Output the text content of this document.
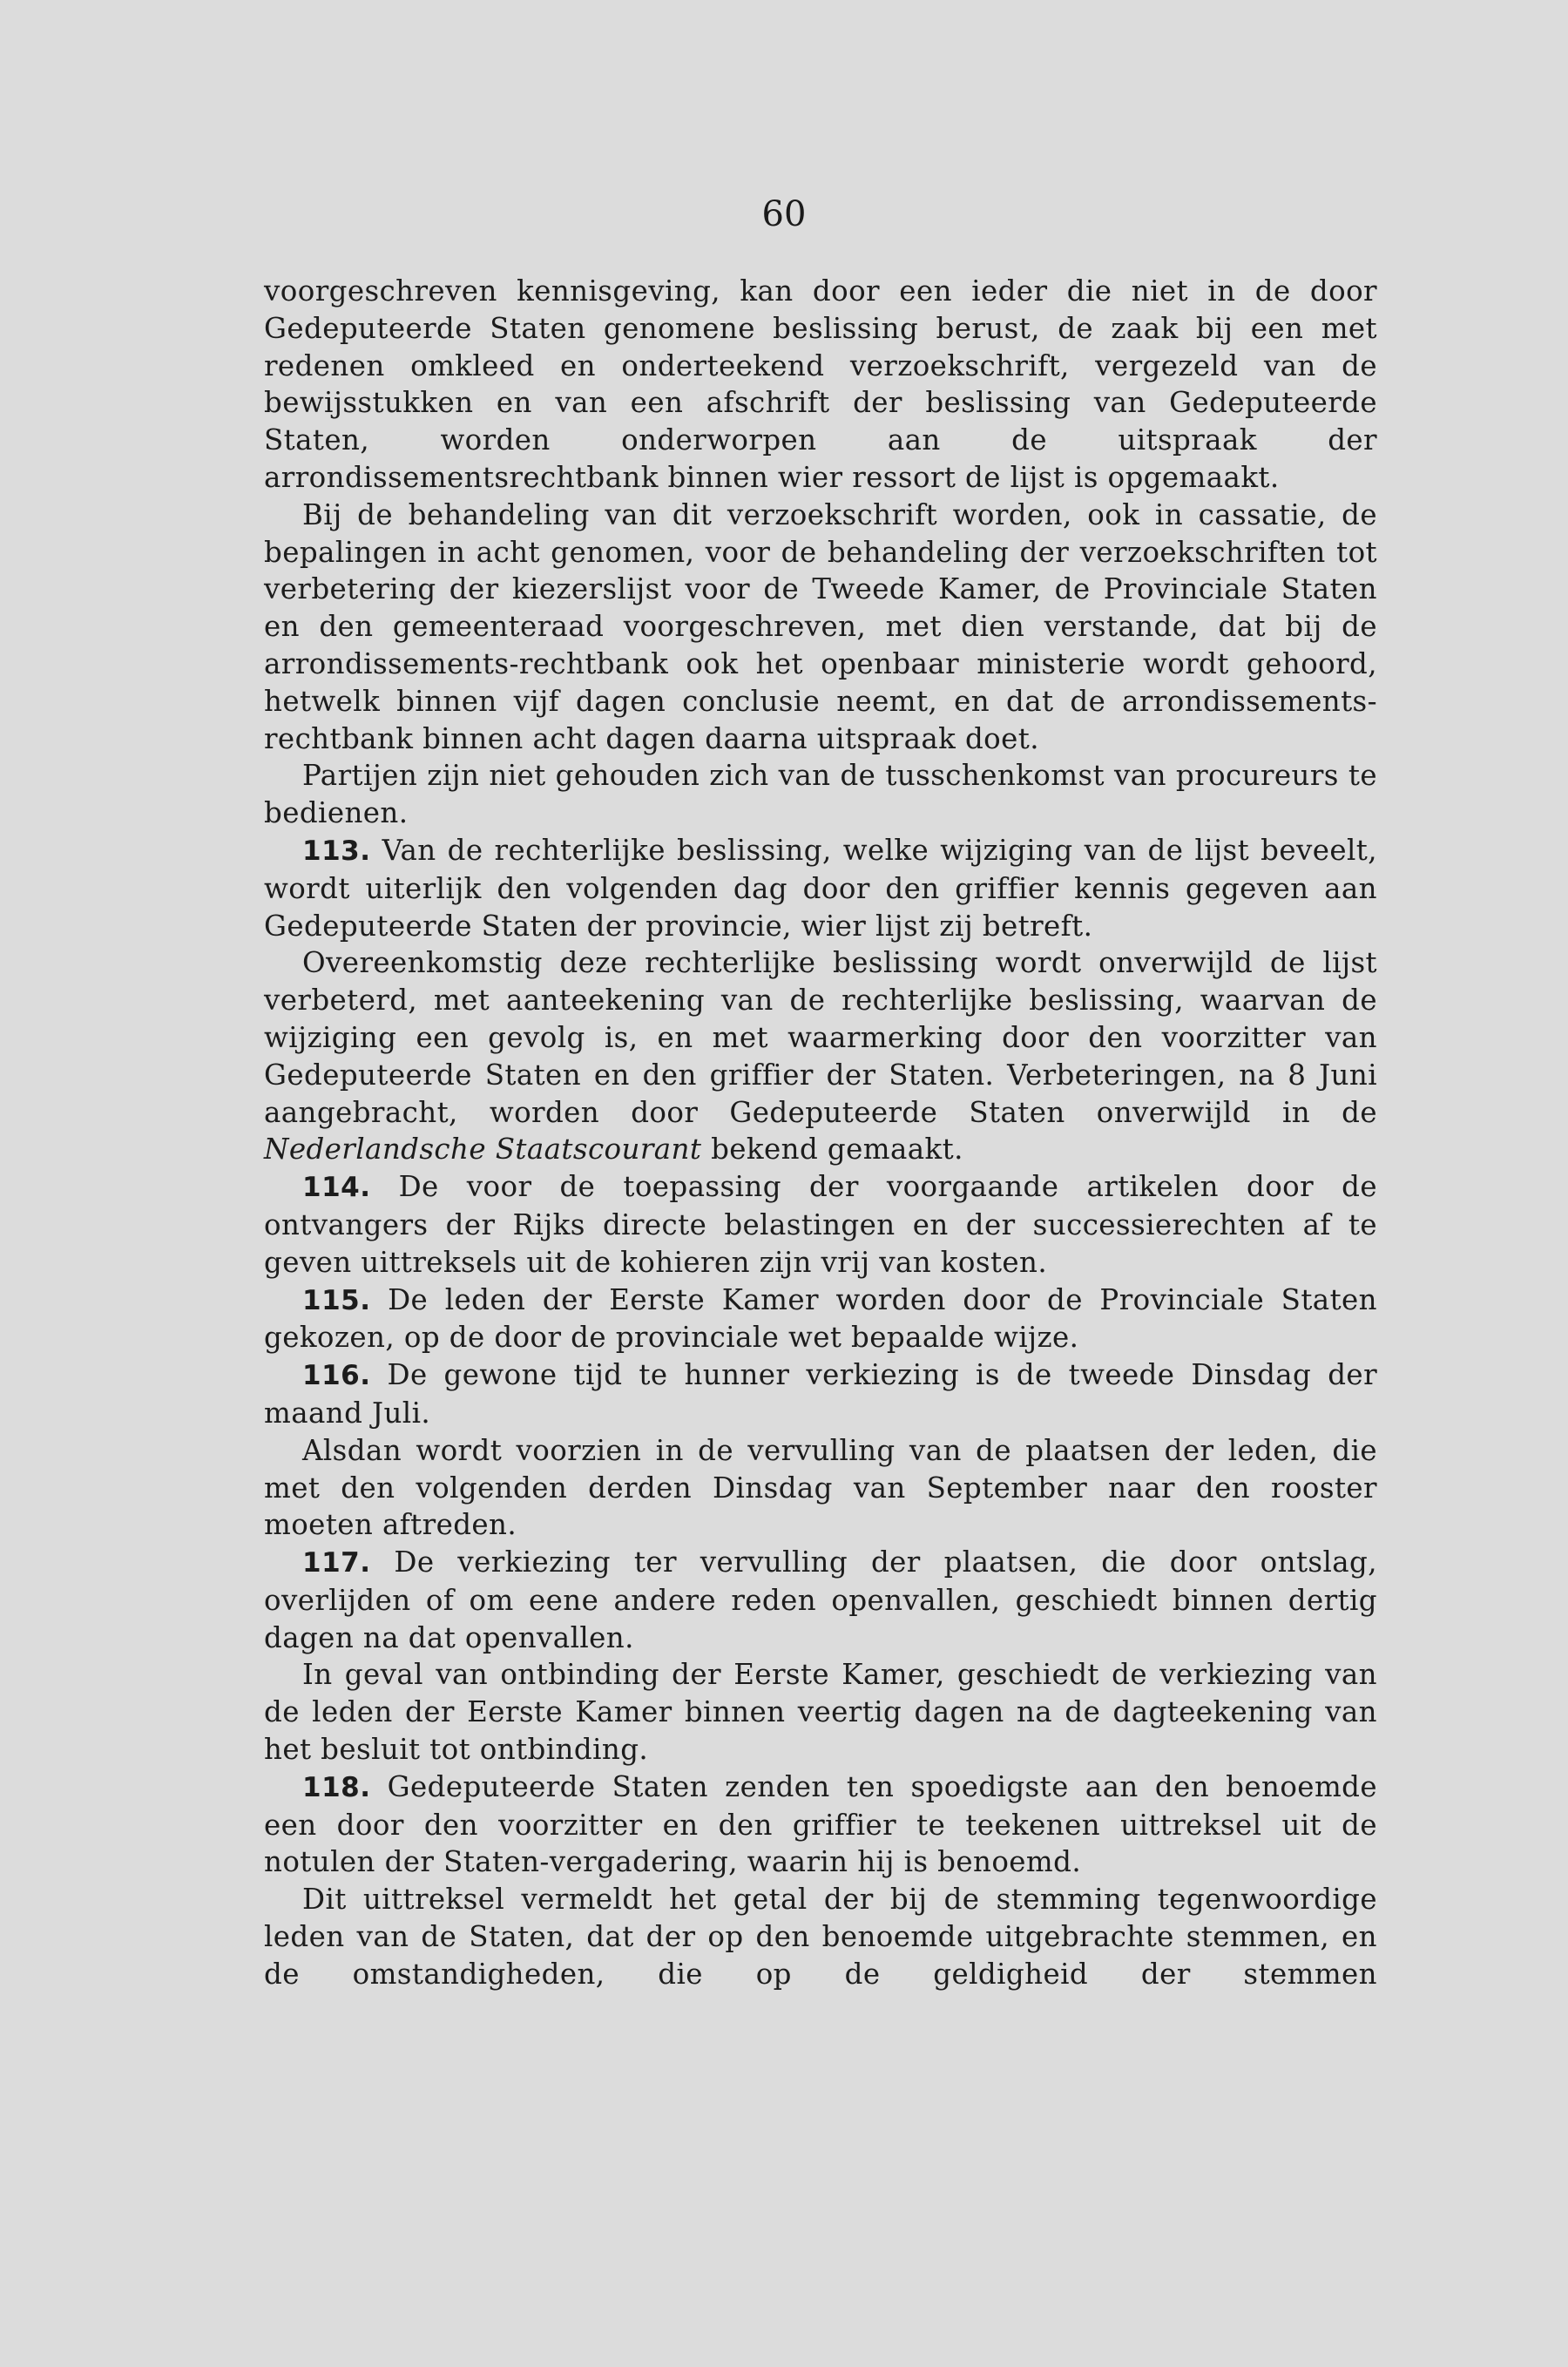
60

voorgeschreven kennisgeving, kan door een ieder die niet in de door Gedeputeerde Staten genomene beslissing berust, de zaak bij een met redenen omkleed en onderteekend verzoekschrift, vergezeld van de bewijsstukken en van een afschrift der beslissing van Gedeputeerde Staten, worden onderworpen aan de uitspraak der arrondissementsrechtbank binnen wier ressort de lijst is opgemaakt.

Bij de behandeling van dit verzoekschrift worden, ook in cassatie, de bepalingen in acht genomen, voor de behandeling der verzoekschriften tot verbetering der kiezerslijst voor de Tweede Kamer, de Provinciale Staten en den gemeenteraad voorgeschreven, met dien verstande, dat bij de arrondissements-rechtbank ook het openbaar ministerie wordt gehoord, hetwelk binnen vijf dagen conclusie neemt, en dat de arrondissements-rechtbank binnen acht dagen daarna uitspraak doet.

Partijen zijn niet gehouden zich van de tusschenkomst van procureurs te bedienen.

113. Van de rechterlijke beslissing, welke wijziging van de lijst beveelt, wordt uiterlijk den volgenden dag door den griffier kennis gegeven aan Gedeputeerde Staten der provincie, wier lijst zij betreft.

Overeenkomstig deze rechterlijke beslissing wordt onverwijld de lijst verbeterd, met aanteekening van de rechterlijke beslissing, waarvan de wijziging een gevolg is, en met waarmerking door den voorzitter van Gedeputeerde Staten en den griffier der Staten. Verbeteringen, na 8 Juni aangebracht, worden door Gedeputeerde Staten onverwijld in de Nederlandsche Staatscourant bekend gemaakt.

114. De voor de toepassing der voorgaande artikelen door de ontvangers der Rijks directe belastingen en der successierechten af te geven uittreksels uit de kohieren zijn vrij van kosten.

115. De leden der Eerste Kamer worden door de Provinciale Staten gekozen, op de door de provinciale wet bepaalde wijze.

116. De gewone tijd te hunner verkiezing is de tweede Dinsdag der maand Juli.

Alsdan wordt voorzien in de vervulling van de plaatsen der leden, die met den volgenden derden Dinsdag van September naar den rooster moeten aftreden.

117. De verkiezing ter vervulling der plaatsen, die door ontslag, overlijden of om eene andere reden openvallen, geschiedt binnen dertig dagen na dat openvallen.

In geval van ontbinding der Eerste Kamer, geschiedt de verkiezing van de leden der Eerste Kamer binnen veertig dagen na de dagteekening van het besluit tot ontbinding.

118. Gedeputeerde Staten zenden ten spoedigste aan den benoemde een door den voorzitter en den griffier te teekenen uittreksel uit de notulen der Staten-vergadering, waarin hij is benoemd.

Dit uittreksel vermeldt het getal der bij de stemming tegenwoordige leden van de Staten, dat der op den benoemde uitgebrachte stemmen, en de omstandigheden, die op de geldigheid der stemmen
